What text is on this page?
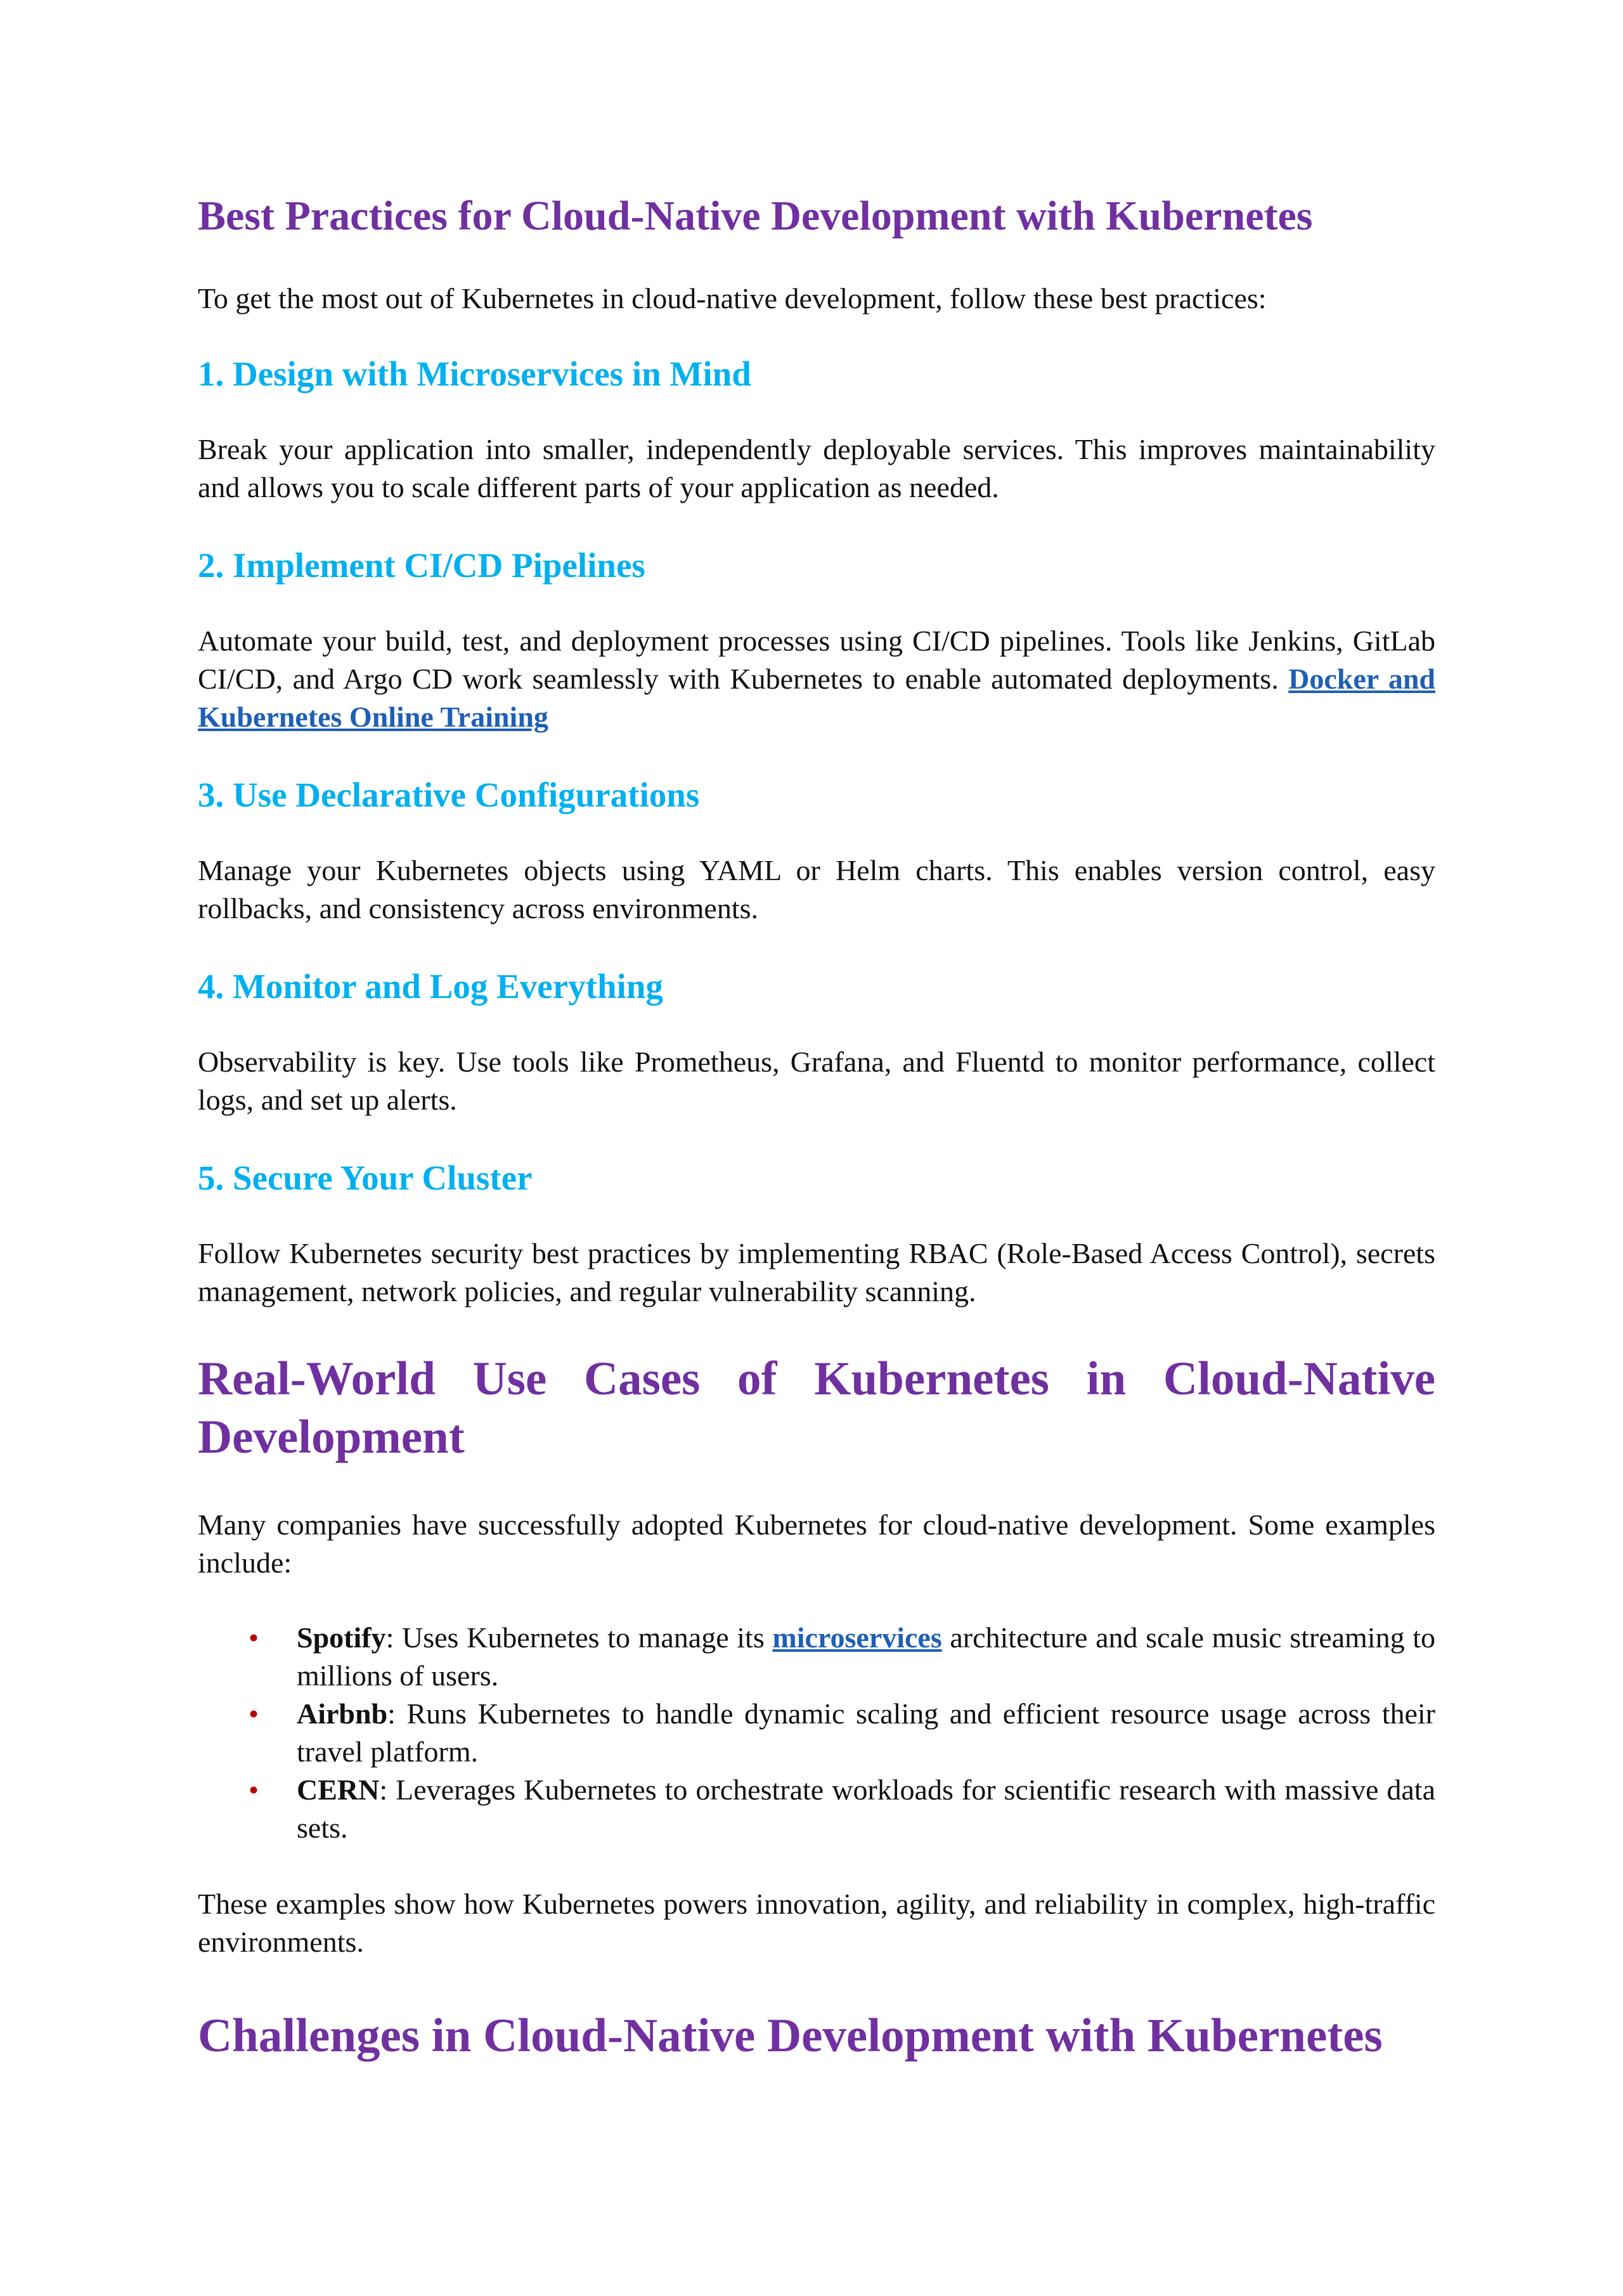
Best Practices for Cloud-Native Development with Kubernetes

To get the most out of Kubernetes in cloud-native development, follow these best practices:

1. Design with Microservices in Mind

Break your application into smaller, independently deployable services. This improves maintainability and allows you to scale different parts of your application as needed.

2. Implement CI/CD Pipelines

Automate your build, test, and deployment processes using CI/CD pipelines. Tools like Jenkins, GitLab CI/CD, and Argo CD work seamlessly with Kubernetes to enable automated deployments. Docker and Kubernetes Online Training

3. Use Declarative Configurations

Manage your Kubernetes objects using YAML or Helm charts. This enables version control, easy rollbacks, and consistency across environments.

4. Monitor and Log Everything

Observability is key. Use tools like Prometheus, Grafana, and Fluentd to monitor performance, collect logs, and set up alerts.

5. Secure Your Cluster

Follow Kubernetes security best practices by implementing RBAC (Role-Based Access Control), secrets management, network policies, and regular vulnerability scanning.

Real-World Use Cases of Kubernetes in Cloud-Native Development

Many companies have successfully adopted Kubernetes for cloud-native development. Some examples include:

• Spotify: Uses Kubernetes to manage its microservices architecture and scale music streaming to millions of users.
• Airbnb: Runs Kubernetes to handle dynamic scaling and efficient resource usage across their travel platform.
• CERN: Leverages Kubernetes to orchestrate workloads for scientific research with massive data sets.

These examples show how Kubernetes powers innovation, agility, and reliability in complex, high-traffic environments.

Challenges in Cloud-Native Development with Kubernetes
